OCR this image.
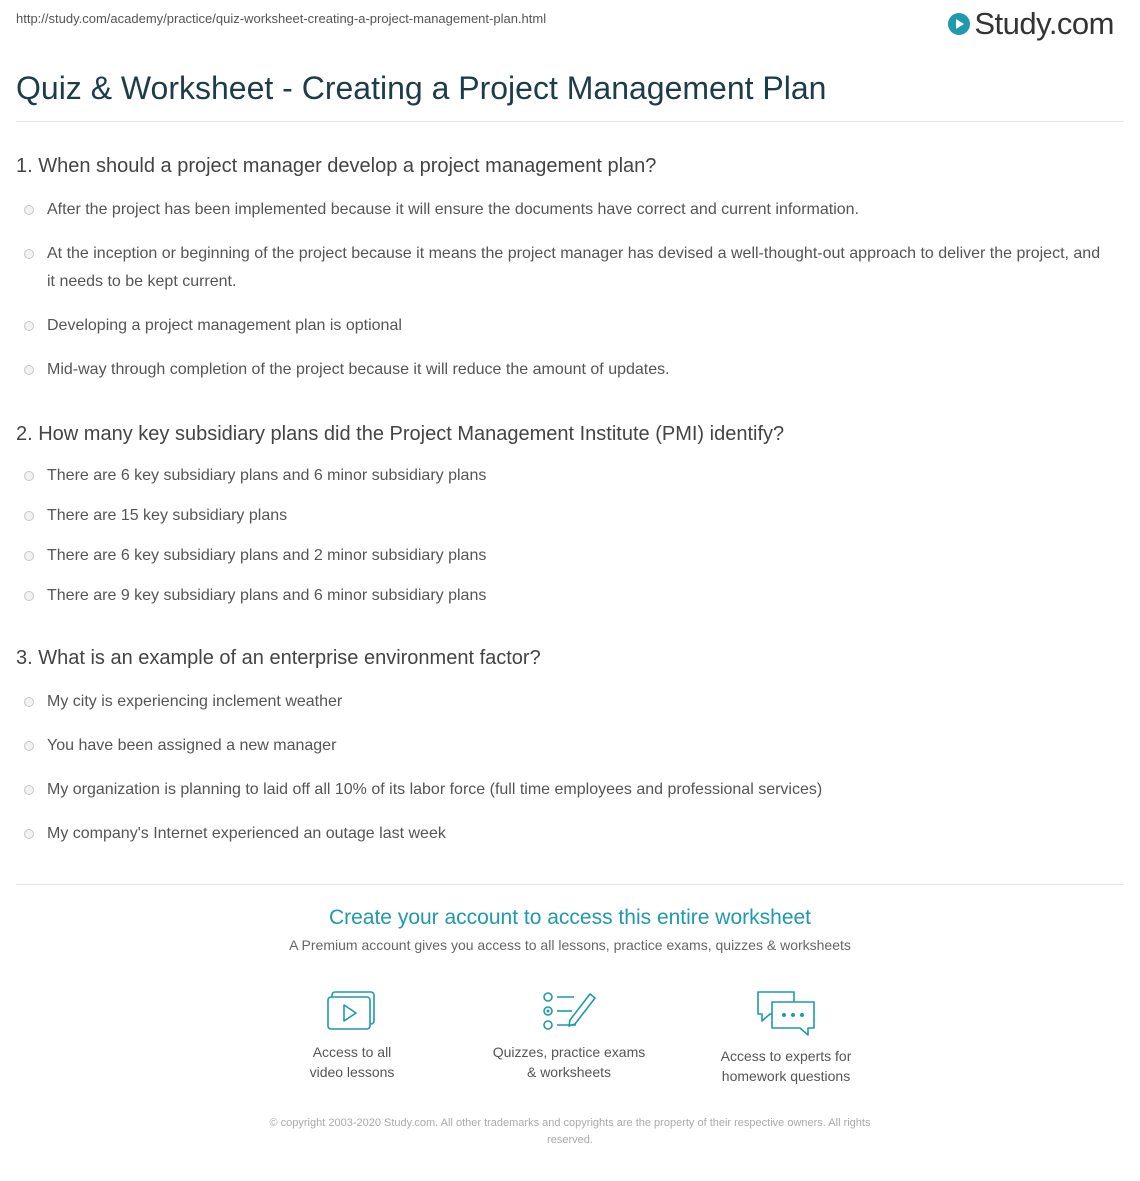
http://study.com/academy/practice/quiz-worksheet-creating-a-project-management-plan.html	Study.com
Quiz & Worksheet - Creating a Project Management Plan
1. When should a project manager develop a project management plan?
After the project has been implemented because it will ensure the documents have correct and current information.
At the inception or beginning of the project because it means the project manager has devised a well-thought-out approach to deliver the project, and it needs to be kept current.
Developing a project management plan is optional
Mid-way through completion of the project because it will reduce the amount of updates.
2. How many key subsidiary plans did the Project Management Institute (PMI) identify?
There are 6 key subsidiary plans and 6 minor subsidiary plans
There are 15 key subsidiary plans
There are 6 key subsidiary plans and 2 minor subsidiary plans
There are 9 key subsidiary plans and 6 minor subsidiary plans
3. What is an example of an enterprise environment factor?
My city is experiencing inclement weather
You have been assigned a new manager
My organization is planning to laid off all 10% of its labor force (full time employees and professional services)
My company's Internet experienced an outage last week
Create your account to access this entire worksheet
A Premium account gives you access to all lessons, practice exams, quizzes & worksheets
Access to all
video lessons
Quizzes, practice exams
& worksheets
Access to experts for
homework questions
© copyright 2003-2020 Study.com. All other trademarks and copyrights are the property of their respective owners. All rights
reserved.
